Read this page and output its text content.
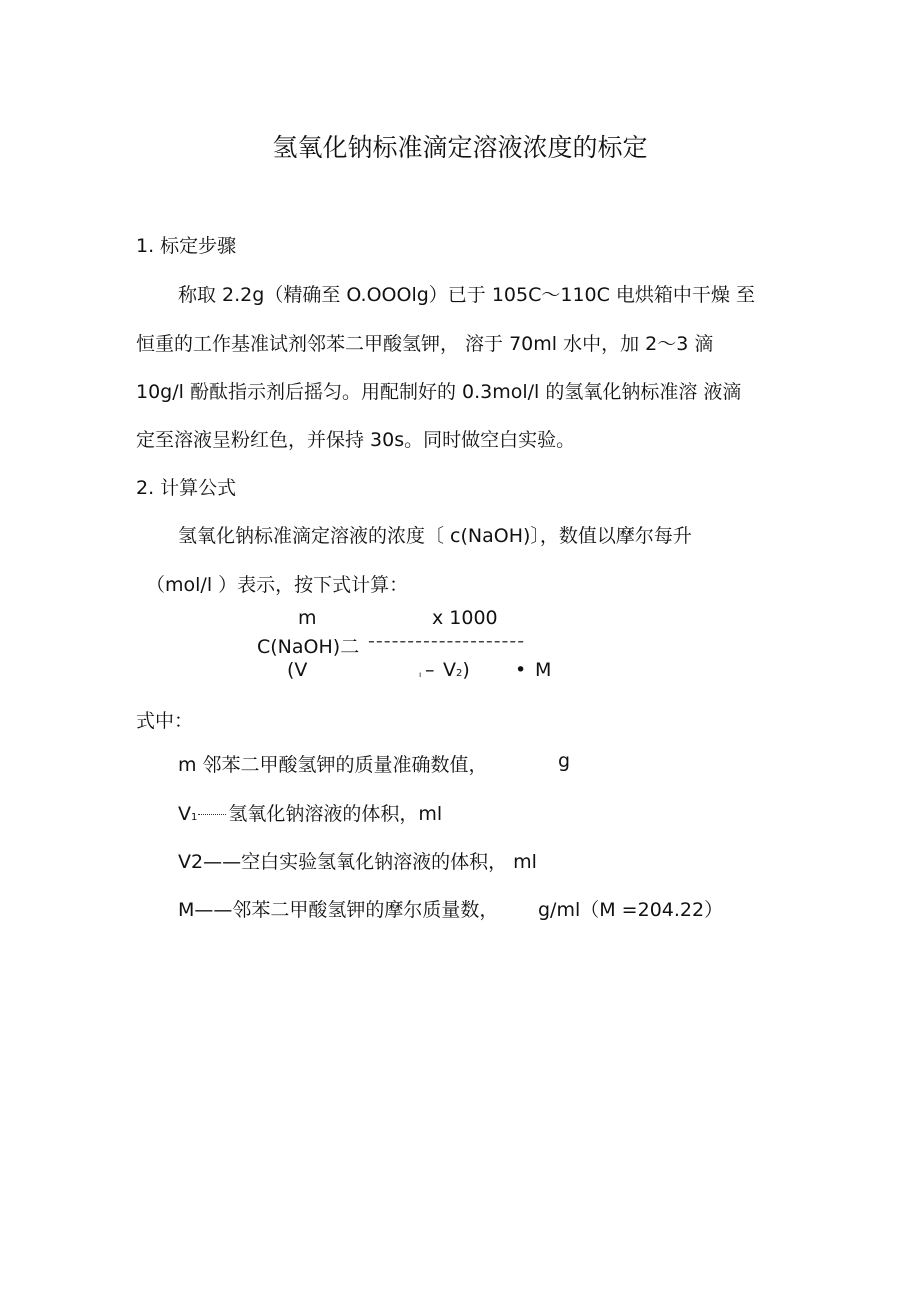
氢氧化钠标准滴定溶液浓度的标定
1. 标定步骤
称取 2.2g（精确至 O.OOOlg）已于 105C〜110C 电烘箱中干燥 至
恒重的工作基准试剂邻苯二甲酸氢钾， 溶于 70ml 水中，加 2〜3 滴
10g/l 酚酞指示剂后摇匀。用配制好的 0.3mol/l 的氢氧化钠标准溶 液滴
定至溶液呈粉红色，并保持 30s。同时做空白实验。
2. 计算公式
氢氧化钠标准滴定溶液的浓度〔 c(NaOH)〕，数值以摩尔每升
（mol/l ）表示，按下式计算：
m	x 1000
C(NaOH)二 --------------------
(V	ı – V2) • M
式中：
m 邻苯二甲酸氢钾的质量准确数值，	g
V1 氢氧化钠溶液的体积，ml
V2——空白实验氢氧化钠溶液的体积， ml
M——邻苯二甲酸氢钾的摩尔质量数， g/ml（M =204.22）
